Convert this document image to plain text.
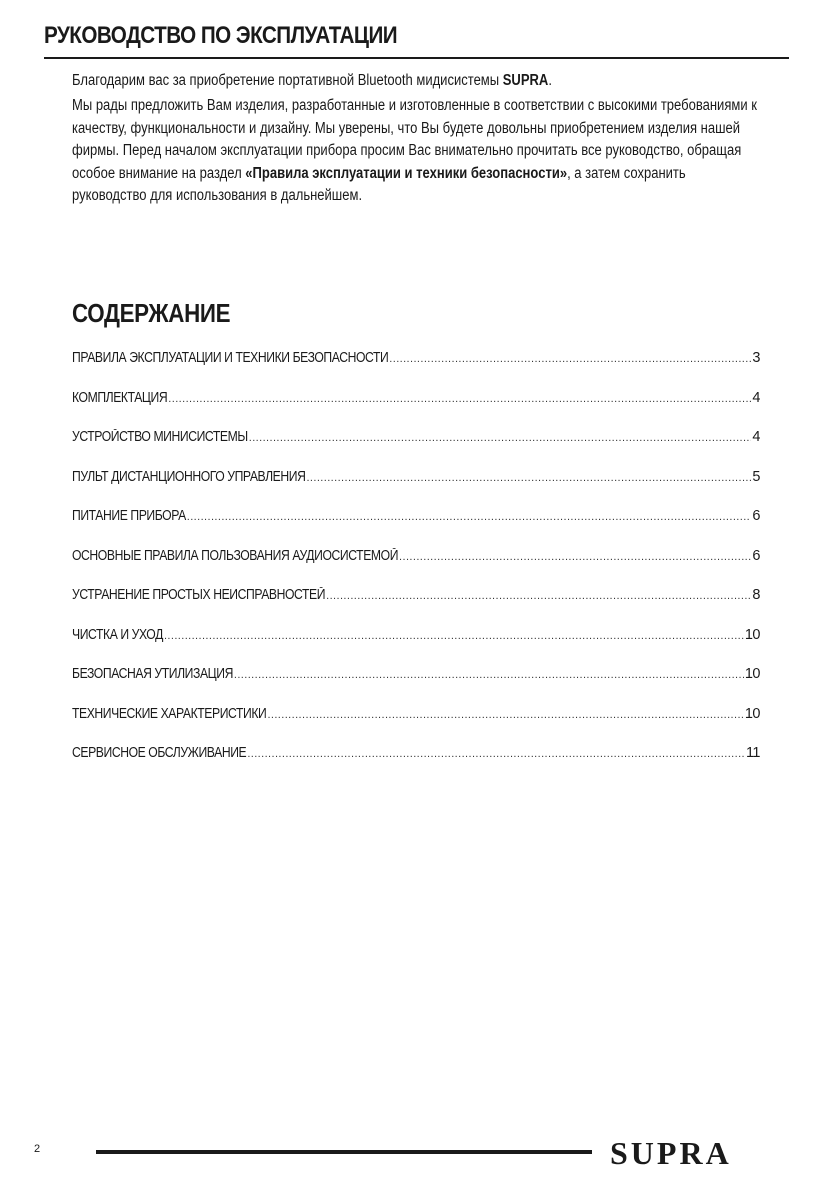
РУКОВОДСТВО ПО ЭКСПЛУАТАЦИИ

Благодарим вас за приобретение портативной Bluetooth мидисистемы SUPRA.

Мы рады предложить Вам изделия, разработанные и изготовленные в соответствии с высокими требованиями к качеству, функциональности и дизайну. Мы уверены, что Вы будете довольны приобретением изделия нашей фирмы. Перед началом эксплуатации прибора просим Вас внимательно прочитать все руководство, обращая особое внимание на раздел «Правила эксплуатации и техники безопасности», а затем сохранить руководство для использования в дальнейшем.

СОДЕРЖАНИЕ
ПРАВИЛА ЭКСПЛУАТАЦИИ И ТЕХНИКИ БЕЗОПАСНОСТИ .....	3
КОМПЛЕКТАЦИЯ .....	4
УСТРОЙСТВО МИНИСИСТЕМЫ .....	4
ПУЛЬТ ДИСТАНЦИОННОГО УПРАВЛЕНИЯ .....	5
ПИТАНИЕ ПРИБОРА .....	6
ОСНОВНЫЕ ПРАВИЛА ПОЛЬЗОВАНИЯ АУДИОСИСТЕМОЙ .....	6
УСТРАНЕНИЕ ПРОСТЫХ НЕИСПРАВНОСТЕЙ .....	8
ЧИСТКА И УХОД .....	10
БЕЗОПАСНАЯ УТИЛИЗАЦИЯ .....	10
ТЕХНИЧЕСКИЕ ХАРАКТЕРИСТИКИ .....	10
СЕРВИСНОЕ ОБСЛУЖИВАНИЕ .....	11
2	SUPRA
